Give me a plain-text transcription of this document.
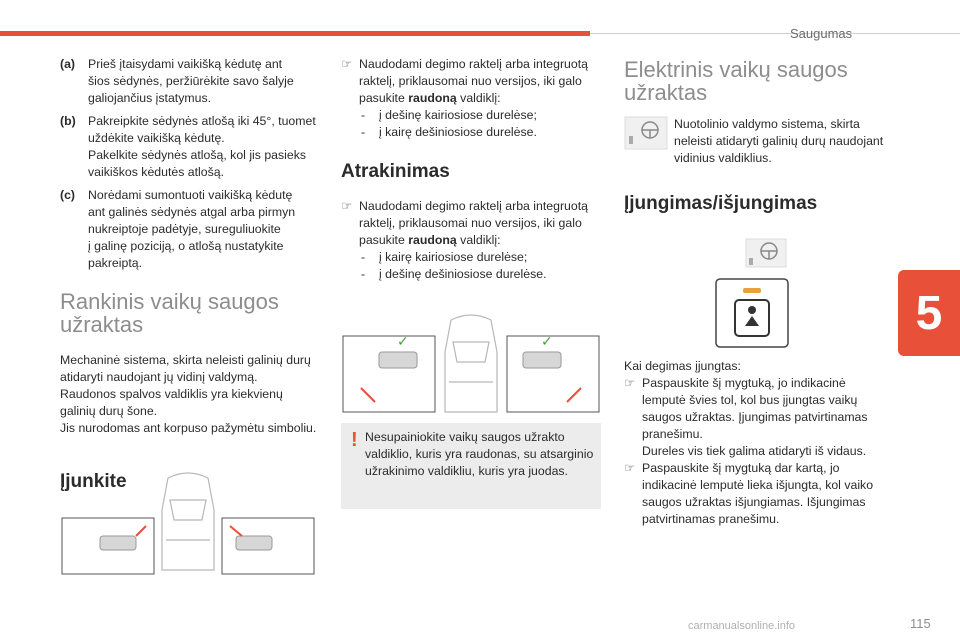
Saugumas
5
(a)	Prieš įtaisydami vaikišką kėdutę ant

šios sėdynės, peržiūrėkite savo šalyje

galiojančius įstatymus.

(b) Pakreipkite sėdynės atlošą iki 45°, tuomet

uždėkite vaikišką kėdutę.

Pakelkite sėdynės atlošą, kol jis pasieks

vaikiškos kėdutės atlošą.

(c)	Norėdami sumontuoti vaikišką kėdutę

ant galinės sėdynės atgal arba pirmyn

nukreiptoje padėtyje, sureguliuokite

į galinę poziciją, o atlošą nustatykite

pakreiptą.

Rankinis vaikų saugos

užraktas

Mechaninė sistema, skirta neleisti galinių durų

atidaryti naudojant jų vidinį valdymą.

Raudonos spalvos valdiklis yra kiekvienų

galinių durų šone.

Jis nurodomas ant korpuso pažymėtu simboliu.

Įjunkite

☞ Naudodami degimo raktelį arba integruotą
raktelį, priklausomai nuo versijos, iki galo
pasukite raudoną valdiklį:
-	į dešinę kairiosiose durelėse;
-	į kairę dešiniosiose durelėse.

Atrakinimas

☞ Naudodami degimo raktelį arba integruotą
raktelį, priklausomai nuo versijos, iki galo
pasukite raudoną valdiklį:
-	į kairę kairiosiose durelėse;
-	į dešinę dešiniosiose durelėse.
✓	✓
! Nesupainiokite vaikų saugos užrakto
valdiklio, kuris yra raudonas, su atsarginio
užrakinimo valdikliu, kuris yra juodas.

Elektrinis vaikų saugos

užraktas

Nuotolinio valdymo sistema, skirta
neleisti atidaryti galinių durų naudojant
vidinius valdiklius.

Įjungimas/išjungimas

Kai degimas įjungtas:
☞ Paspauskite šį mygtuką, jo indikacinė
lemputė švies tol, kol bus įjungtas vaikų
saugos užraktas. Įjungimas patvirtinamas
pranešimu.
Dureles vis tiek galima atidaryti iš vidaus.
☞ Paspauskite šį mygtuką dar kartą, jo
indikacinė lemputė lieka išjungta, kol vaiko
saugos užraktas išjungiamas. Išjungimas
patvirtinamas pranešimu.
115
carmanualsonline.info
